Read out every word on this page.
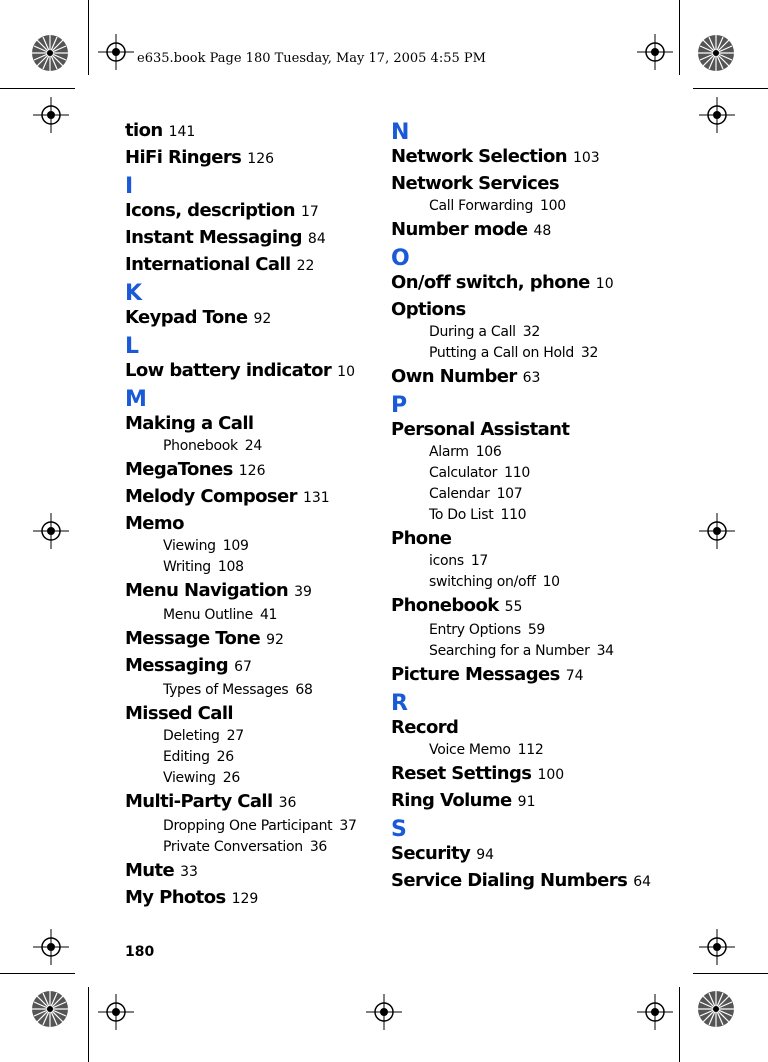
e635.book Page 180 Tuesday, May 17, 2005 4:55 PM
tion 141
HiFi Ringers 126
I
Icons, description 17
Instant Messaging 84
International Call 22
K
Keypad Tone 92
L
Low battery indicator 10
M
Making a Call
Phonebook 24
MegaTones 126
Melody Composer 131
Memo
Viewing 109
Writing 108
Menu Navigation 39
Menu Outline 41
Message Tone 92
Messaging 67
Types of Messages 68
Missed Call
Deleting 27
Editing 26
Viewing 26
Multi-Party Call 36
Dropping One Participant 37
Private Conversation 36
Mute 33
My Photos 129
N
Network Selection 103
Network Services
Call Forwarding 100
Number mode 48
O
On/off switch, phone 10
Options
During a Call 32
Putting a Call on Hold 32
Own Number 63
P
Personal Assistant
Alarm 106
Calculator 110
Calendar 107
To Do List 110
Phone
icons 17
switching on/off 10
Phonebook 55
Entry Options 59
Searching for a Number 34
Picture Messages 74
R
Record
Voice Memo 112
Reset Settings 100
Ring Volume 91
S
Security 94
Service Dialing Numbers 64
180
